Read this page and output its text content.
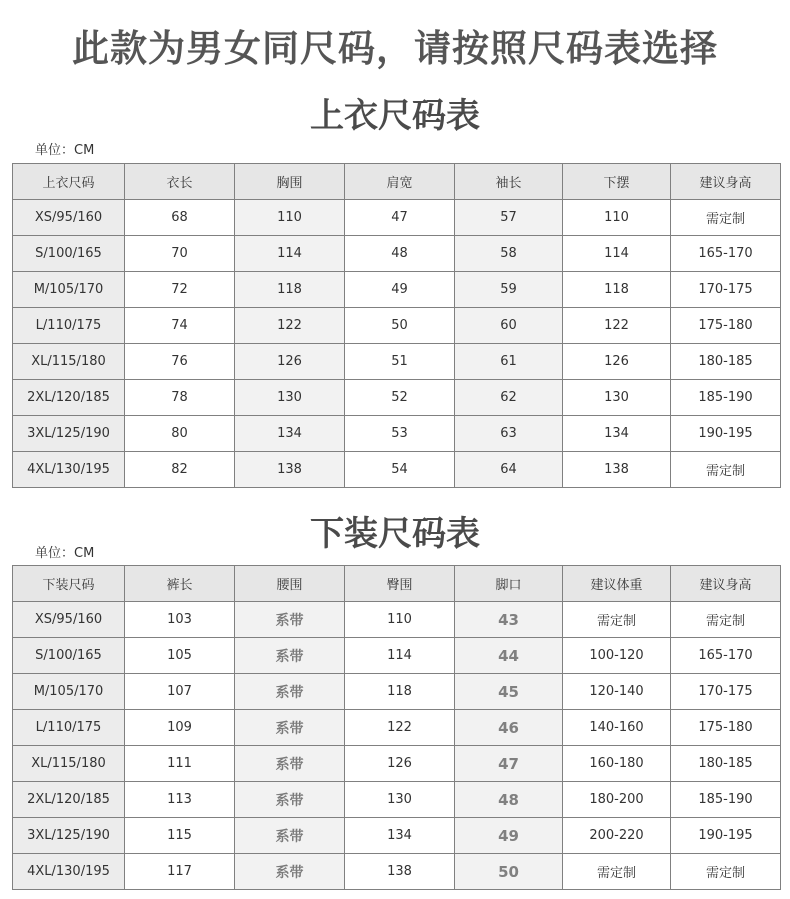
此款为男女同尺码，请按照尺码表选择
上衣尺码表
单位：CM
上衣尺码	衣长	胸围	肩宽	袖长	下摆	建议身高
XS/95/160	68	110	47	57	110	需定制
S/100/165	70	114	48	58	114	165-170
M/105/170	72	118	49	59	118	170-175
L/110/175	74	122	50	60	122	175-180
XL/115/180	76	126	51	61	126	180-185
2XL/120/185	78	130	52	62	130	185-190
3XL/125/190	80	134	53	63	134	190-195
4XL/130/195	82	138	54	64	138	需定制
下装尺码表
单位：CM
下装尺码	裤长	腰围	臀围	脚口	建议体重	建议身高
XS/95/160	103	系带	110	43	需定制	需定制
S/100/165	105	系带	114	44	100-120	165-170
M/105/170	107	系带	118	45	120-140	170-175
L/110/175	109	系带	122	46	140-160	175-180
XL/115/180	111	系带	126	47	160-180	180-185
2XL/120/185	113	系带	130	48	180-200	185-190
3XL/125/190	115	系带	134	49	200-220	190-195
4XL/130/195	117	系带	138	50	需定制	需定制
